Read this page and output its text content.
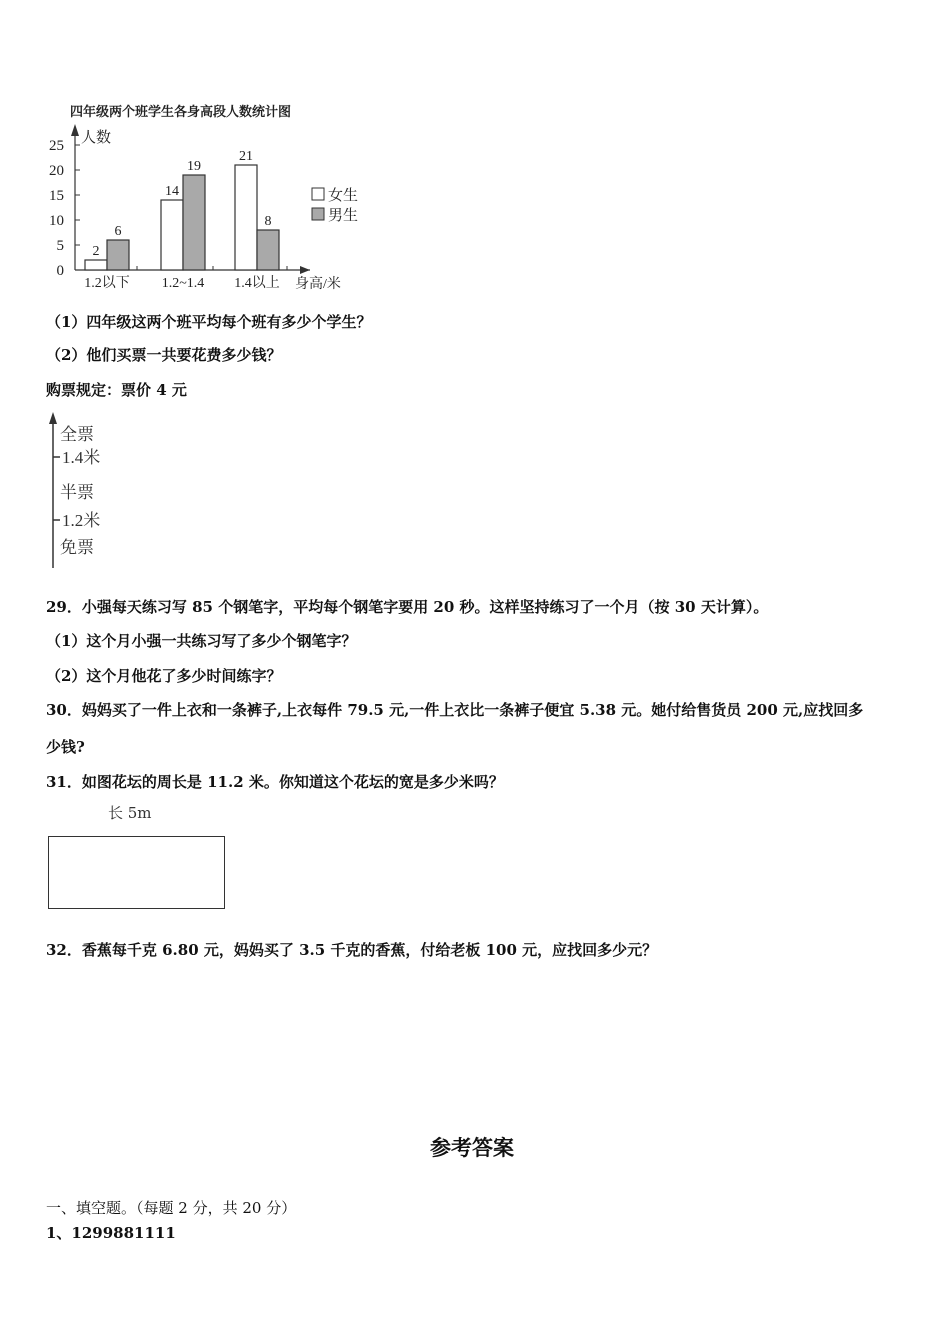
四年级两个班学生各身高段人数统计图
0
5
10
15
20
25 人数
身高/米
2
6
1.2以下
14
19
1.2~1.4
21
8
1.4以上
女生
男生
（1）四年级这两个班平均每个班有多少个学生？
（2）他们买票一共要花费多少钱？
购票规定：票价 4 元
全票
1.4米
半票
1.2米
免票
29．小强每天练习写 85 个钢笔字，平均每个钢笔字要用 20 秒。这样坚持练习了一个月（按 30 天计算）。
（1）这个月小强一共练习写了多少个钢笔字？
（2）这个月他花了多少时间练字？
30．妈妈买了一件上衣和一条裤子,上衣每件 79.5 元,一件上衣比一条裤子便宜 5.38 元。她付给售货员 200 元,应找回多
少钱?
31．如图花坛的周长是 11.2 米。你知道这个花坛的宽是多少米吗？
长 5m
32．香蕉每千克 6.80 元，妈妈买了 3.5 千克的香蕉，付给老板 100 元，应找回多少元？
参考答案
一、填空题。（每题 2 分，共 20 分）
1、1299881111
